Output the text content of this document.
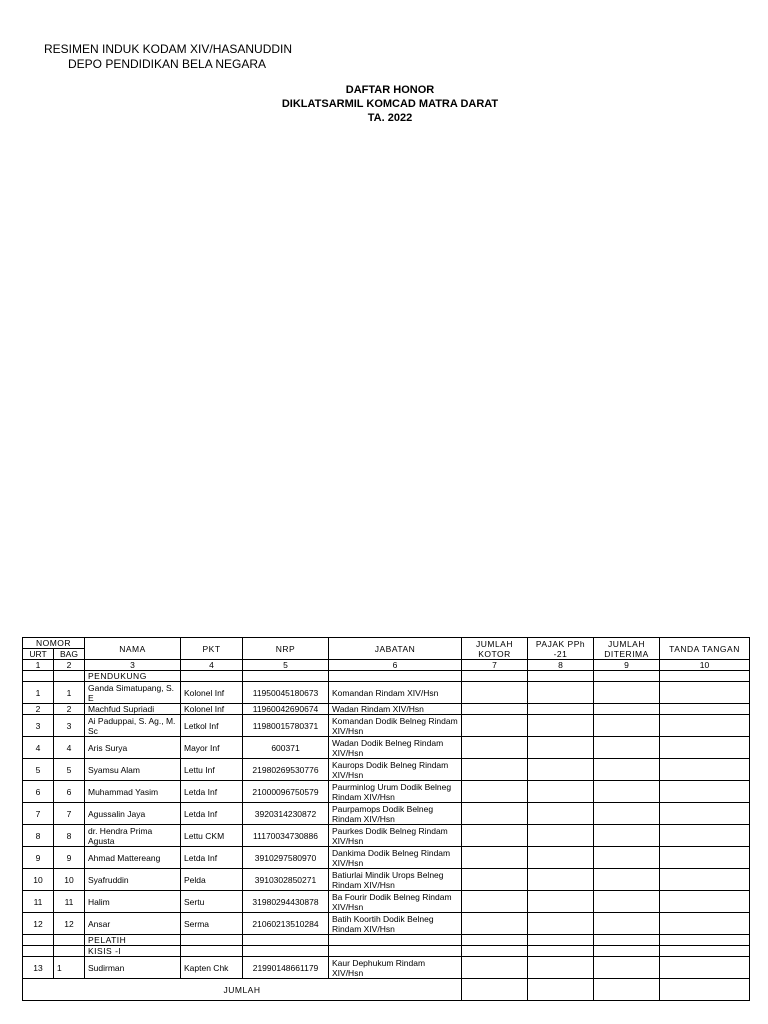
RESIMEN INDUK KODAM XIV/HASANUDDIN
DEPO PENDIDIKAN BELA NEGARA
DAFTAR HONOR
DIKLATSARMIL KOMCAD MATRA DARAT
TA. 2022
NOMOR		NAMA	PKT	NRP	JABATAN	JUMLAH KOTOR	PAJAK PPh -21	JUMLAH DITERIMA	TANDA TANGAN
URT	BAG								
1	2	3	4	5	6	7	8	9	10
		PENDUKUNG							
1	1	Ganda Simatupang, S. E	Kolonel Inf	11950045180673	Komandan Rindam XIV/Hsn				
2	2	Machfud Supriadi	Kolonel Inf	11960042690674	Wadan Rindam XIV/Hsn				
3	3	Ai Paduppai, S. Ag., M. Sc	Letkol Inf	11980015780371	Komandan Dodik Belneg Rindam XIV/Hsn				
4	4	Aris Surya	Mayor Inf	600371	Wadan Dodik Belneg Rindam XIV/Hsn				
5	5	Syamsu Alam	Lettu Inf	21980269530776	Kaurops Dodik Belneg Rindam XIV/Hsn				
6	6	Muhammad Yasim	Letda Inf	21000096750579	Paurminlog Urum Dodik Belneg Rindam XIV/Hsn				
7	7	Agussalin Jaya	Letda Inf	3920314230872	Paurpamops Dodik Belneg Rindam XIV/Hsn				
8	8	dr. Hendra Prima Agusta	Lettu CKM	11170034730886	Paurkes Dodik Belneg Rindam XIV/Hsn				
9	9	Ahmad Mattereang	Letda Inf	3910297580970	Dankima Dodik Belneg Rindam XIV/Hsn				
10	10	Syafruddin	Pelda	3910302850271	Batiurlai Mindik Urops Belneg Rindam XIV/Hsn				
11	11	Halim	Sertu	31980294430878	Ba Fourir Dodik Belneg Rindam XIV/Hsn				
12	12	Ansar	Serma	21060213510284	Batih Koortih Dodik Belneg Rindam XIV/Hsn				
		PELATIH							
		KISIS -I							
13	1	Sudirman	Kapten Chk	21990148661179	Kaur Dephukum Rindam XIV/Hsn				
JUMLAH									
